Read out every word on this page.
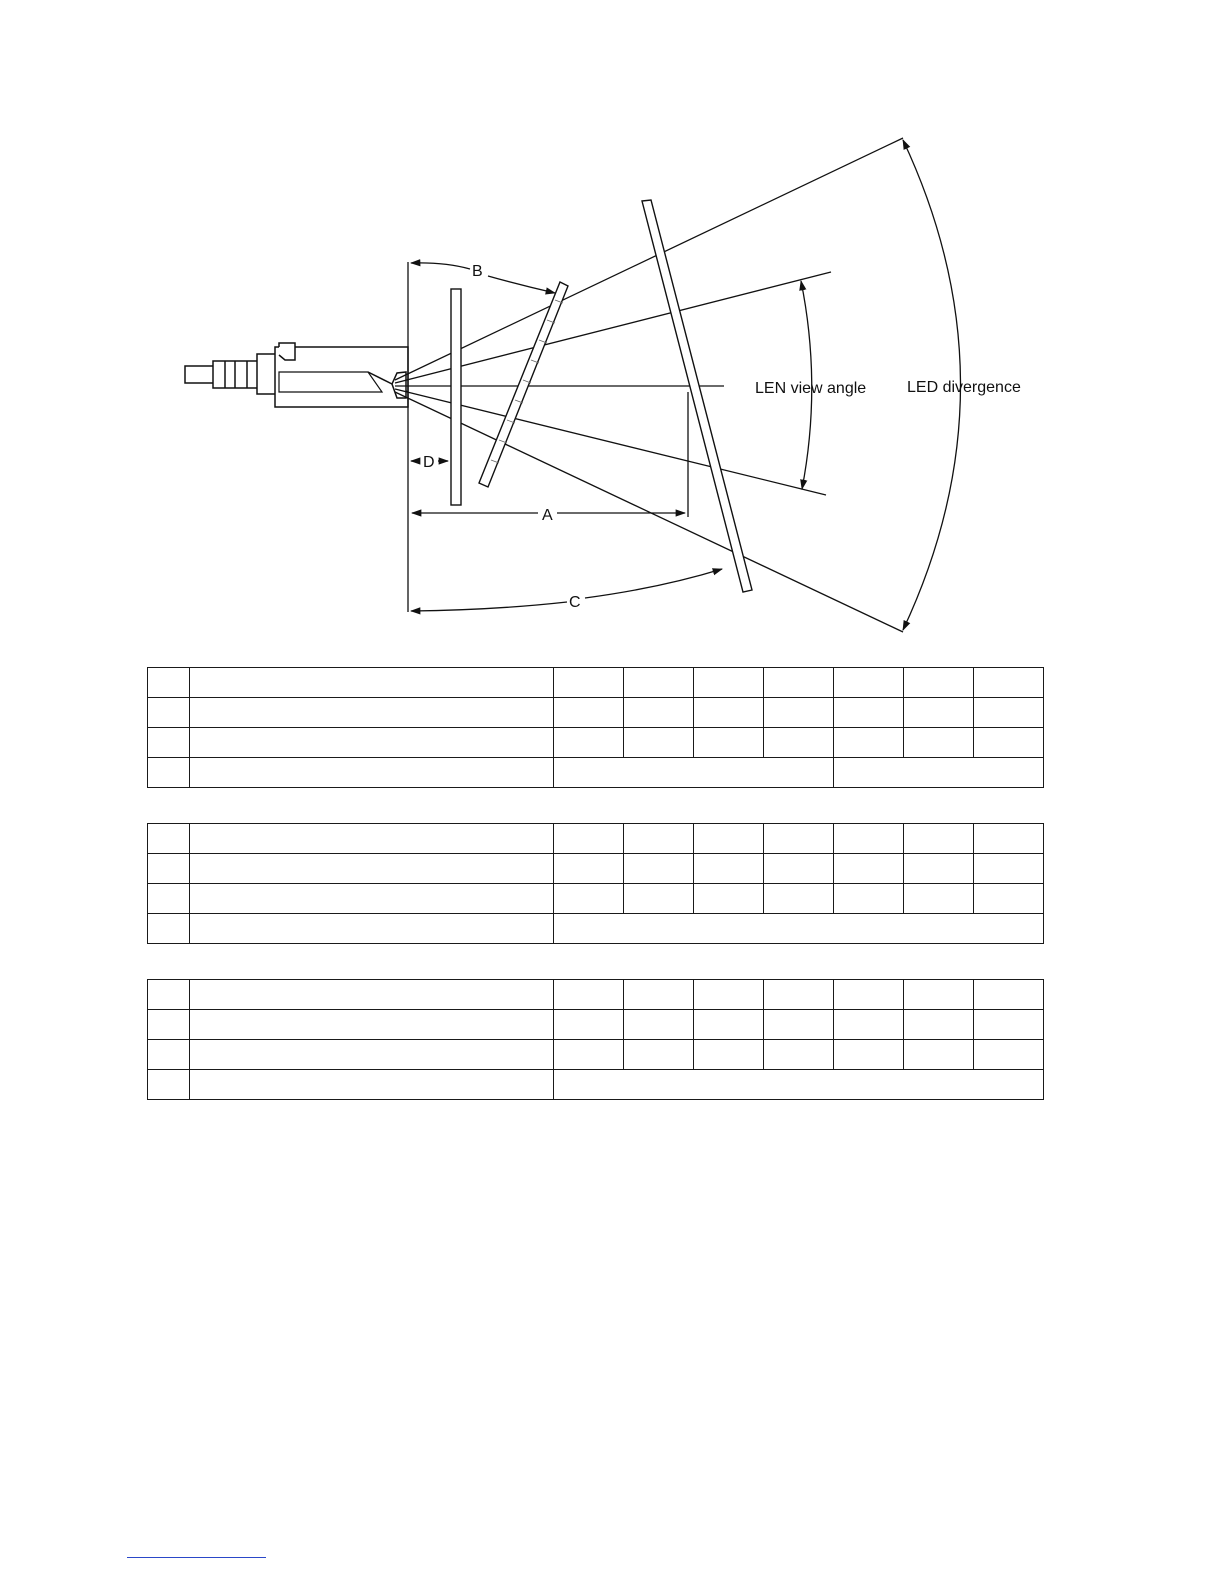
A
D
B
C
LEN view angle	LED divergence
